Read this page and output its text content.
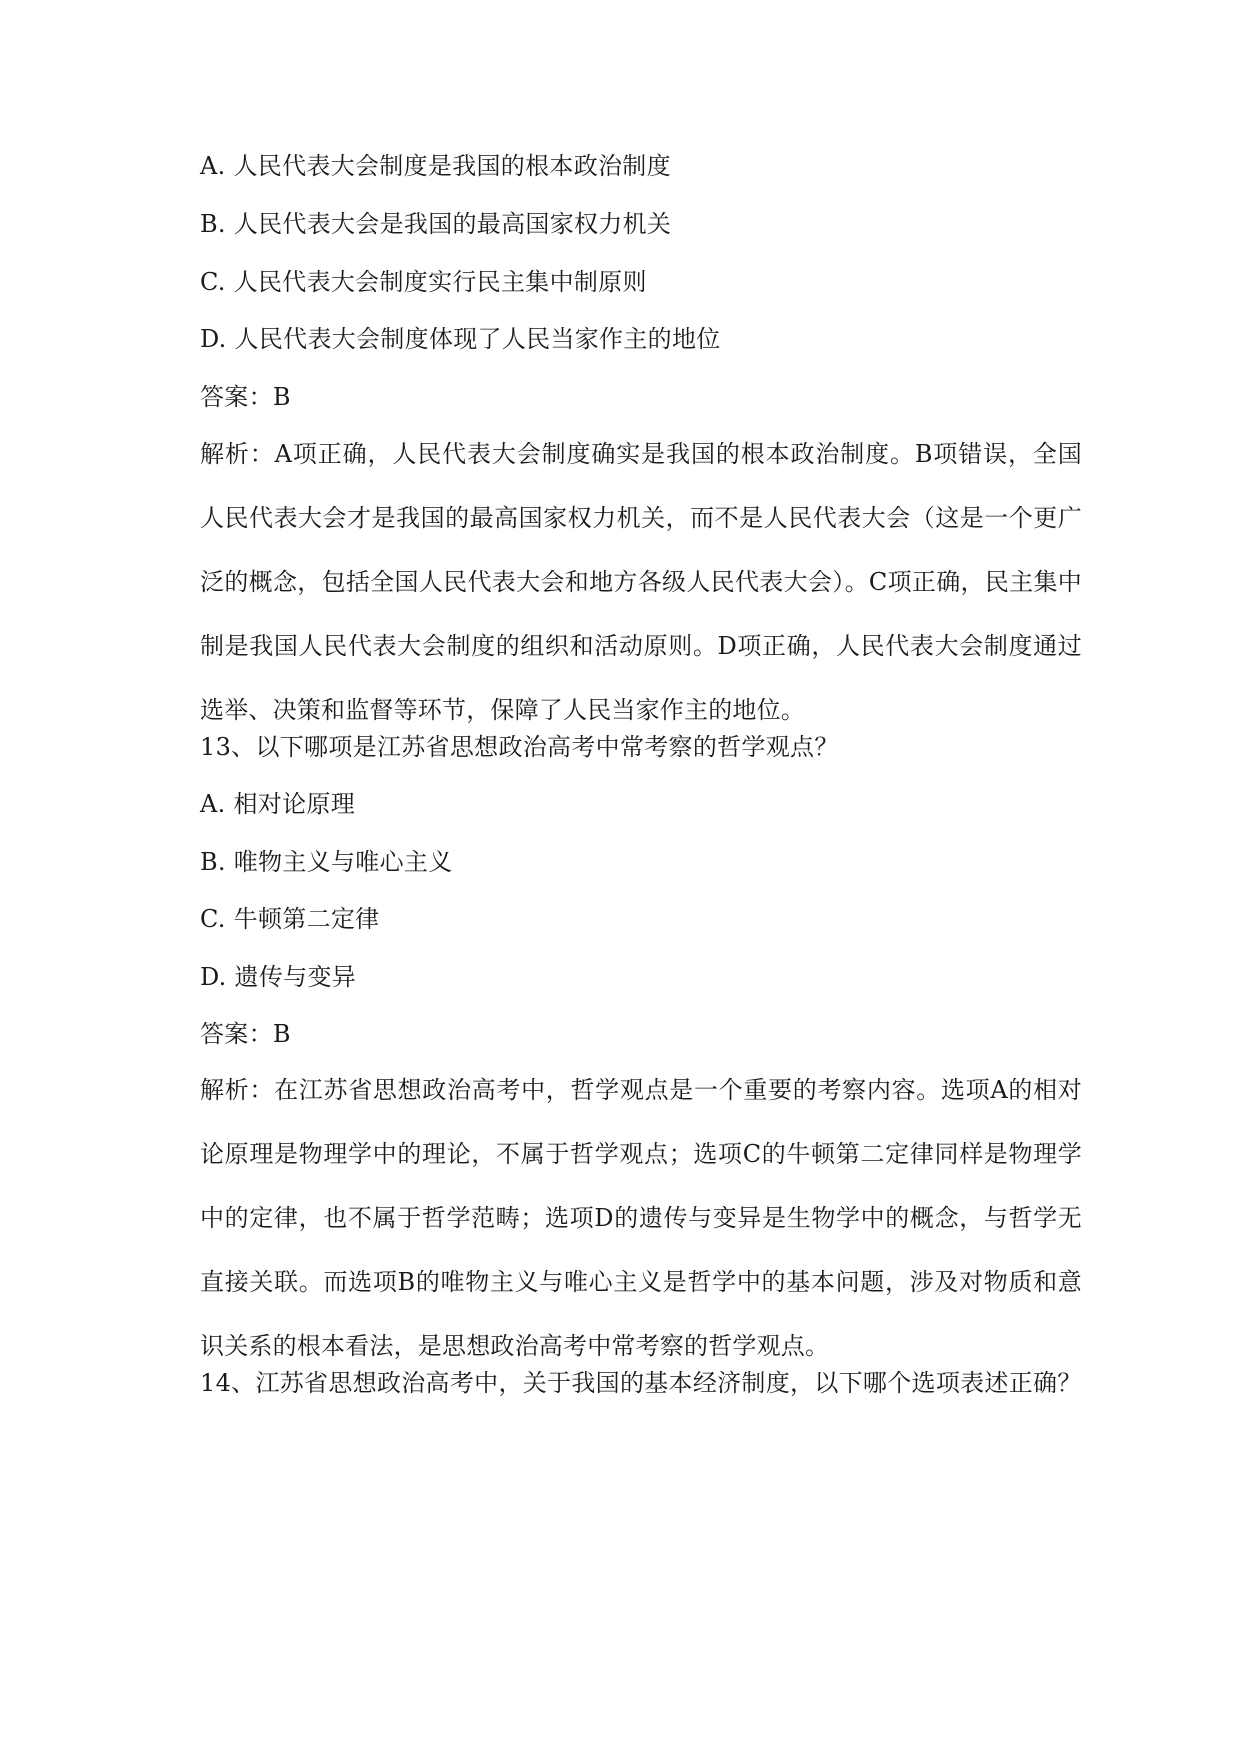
A. 人民代表大会制度是我国的根本政治制度
B. 人民代表大会是我国的最高国家权力机关
C. 人民代表大会制度实行民主集中制原则
D. 人民代表大会制度体现了人民当家作主的地位
答案：B
解析：A项正确，人民代表大会制度确实是我国的根本政治制度。B项错误，全国人民代表大会才是我国的最高国家权力机关，而不是人民代表大会（这是一个更广泛的概念，包括全国人民代表大会和地方各级人民代表大会）。C项正确，民主集中制是我国人民代表大会制度的组织和活动原则。D项正确，人民代表大会制度通过选举、决策和监督等环节，保障了人民当家作主的地位。
13、以下哪项是江苏省思想政治高考中常考察的哲学观点？
A. 相对论原理
B. 唯物主义与唯心主义
C. 牛顿第二定律
D. 遗传与变异
答案：B
解析：在江苏省思想政治高考中，哲学观点是一个重要的考察内容。选项A的相对论原理是物理学中的理论，不属于哲学观点；选项C的牛顿第二定律同样是物理学中的定律，也不属于哲学范畴；选项D的遗传与变异是生物学中的概念，与哲学无直接关联。而选项B的唯物主义与唯心主义是哲学中的基本问题，涉及对物质和意识关系的根本看法，是思想政治高考中常考察的哲学观点。
14、江苏省思想政治高考中，关于我国的基本经济制度，以下哪个选项表述正确？
